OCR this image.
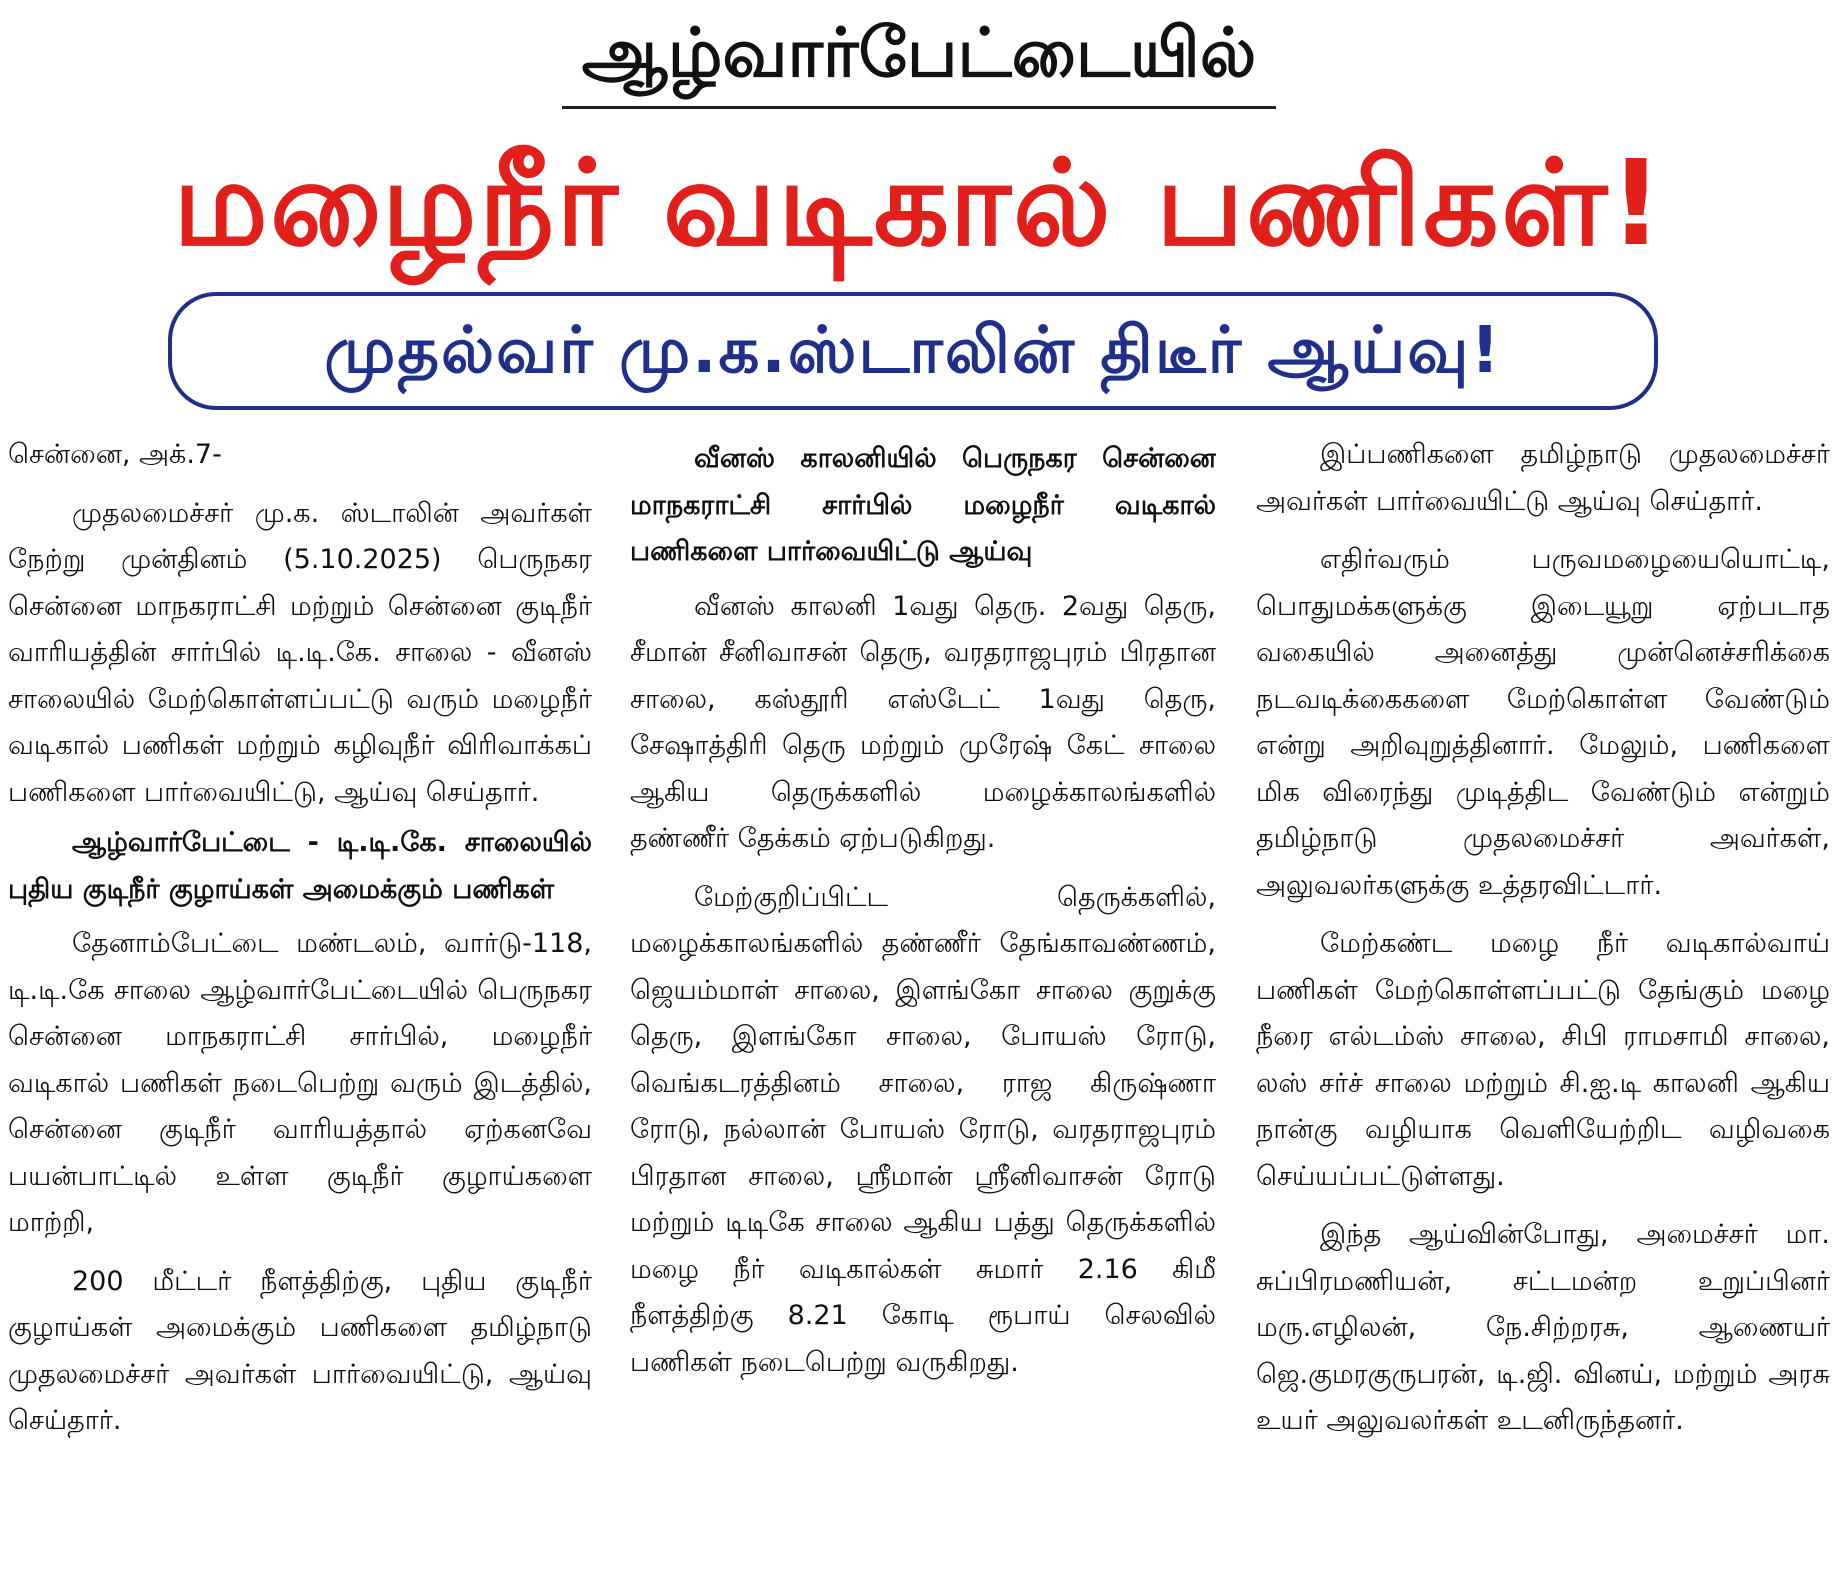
ஆழ்வார்பேட்டையில்
மழைநீர் வடிகால் பணிகள்!
முதல்வர் மு.க.ஸ்டாலின் திடீர் ஆய்வு!

சென்னை, அக்.7-

முதலமைச்சர் மு.க. ஸ்டாலின் அவர்கள் நேற்று முன்தினம் (5.10.2025) பெருநகர சென்னை மாநகராட்சி மற்றும் சென்னை குடிநீர் வாரியத்தின் சார்பில் டி.டி.கே. சாலை - வீனஸ் சாலையில் மேற்கொள்ளப்பட்டு வரும் மழைநீர் வடிகால் பணிகள் மற்றும் கழிவுநீர் விரிவாக்கப் பணிகளை பார்வையிட்டு, ஆய்வு செய்தார்.

ஆழ்வார்பேட்டை - டி.டி.கே. சாலையில் புதிய குடிநீர் குழாய்கள் அமைக்கும் பணிகள்

தேனாம்பேட்டை மண்டலம், வார்டு-118, டி.டி.கே சாலை ஆழ்வார்பேட்டையில் பெருநகர சென்னை மாநகராட்சி சார்பில், மழைநீர் வடிகால் பணிகள் நடைபெற்று வரும் இடத்தில், சென்னை குடிநீர் வாரியத்தால் ஏற்கனவே பயன்பாட்டில் உள்ள குடிநீர் குழாய்களை மாற்றி,

200 மீட்டர் நீளத்திற்கு, புதிய குடிநீர் குழாய்கள் அமைக்கும் பணிகளை தமிழ்நாடு முதலமைச்சர் அவர்கள் பார்வையிட்டு, ஆய்வு செய்தார்.

வீனஸ் காலனியில் பெருநகர சென்னை மாநகராட்சி சார்பில் மழைநீர் வடிகால் பணிகளை பார்வையிட்டு ஆய்வு

வீனஸ் காலனி 1வது தெரு. 2வது தெரு, சீமான் சீனிவாசன் தெரு, வரதராஜபுரம் பிரதான சாலை, கஸ்தூரி எஸ்டேட் 1வது தெரு, சேஷாத்திரி தெரு மற்றும் முரேஷ் கேட் சாலை ஆகிய தெருக்களில் மழைக்காலங்களில் தண்ணீர் தேக்கம் ஏற்படுகிறது.

மேற்குறிப்பிட்ட தெருக்களில், மழைக்காலங்களில் தண்ணீர் தேங்காவண்ணம், ஜெயம்மாள் சாலை, இளங்கோ சாலை குறுக்கு தெரு, இளங்கோ சாலை, போயஸ் ரோடு, வெங்கடரத்தினம் சாலை, ராஜ கிருஷ்ணா ரோடு, நல்லான் போயஸ் ரோடு, வரதராஜபுரம் பிரதான சாலை, ஸ்ரீமான் ஸ்ரீனிவாசன் ரோடு மற்றும் டிடிகே சாலை ஆகிய பத்து தெருக்களில் மழை நீர் வடிகால்கள் சுமார் 2.16 கிமீ நீளத்திற்கு 8.21 கோடி ரூபாய் செலவில் பணிகள் நடைபெற்று வருகிறது.

இப்பணிகளை தமிழ்நாடு முதலமைச்சர் அவர்கள் பார்வையிட்டு ஆய்வு செய்தார்.

எதிர்வரும் பருவமழையையொட்டி, பொதுமக்களுக்கு இடையூறு ஏற்படாத வகையில் அனைத்து முன்னெச்சரிக்கை நடவடிக்கைகளை மேற்கொள்ள வேண்டும் என்று அறிவுறுத்தினார். மேலும், பணிகளை மிக விரைந்து முடித்திட வேண்டும் என்றும் தமிழ்நாடு முதலமைச்சர் அவர்கள், அலுவலர்களுக்கு உத்தரவிட்டார்.

மேற்கண்ட மழை நீர் வடிகால்வாய் பணிகள் மேற்கொள்ளப்பட்டு தேங்கும் மழை நீரை எல்டம்ஸ் சாலை, சிபி ராமசாமி சாலை, லஸ் சர்ச் சாலை மற்றும் சி.ஐ.டி காலனி ஆகிய நான்கு வழியாக வெளியேற்றிட வழிவகை செய்யப்பட்டுள்ளது.

இந்த ஆய்வின்போது, அமைச்சர் மா. சுப்பிரமணியன், சட்டமன்ற உறுப்பினர் மரு.எழிலன், நே.சிற்றரசு, ஆணையர் ஜெ.குமரகுருபரன், டி.ஜி. வினய், மற்றும் அரசு உயர் அலுவலர்கள் உடனிருந்தனர்.
